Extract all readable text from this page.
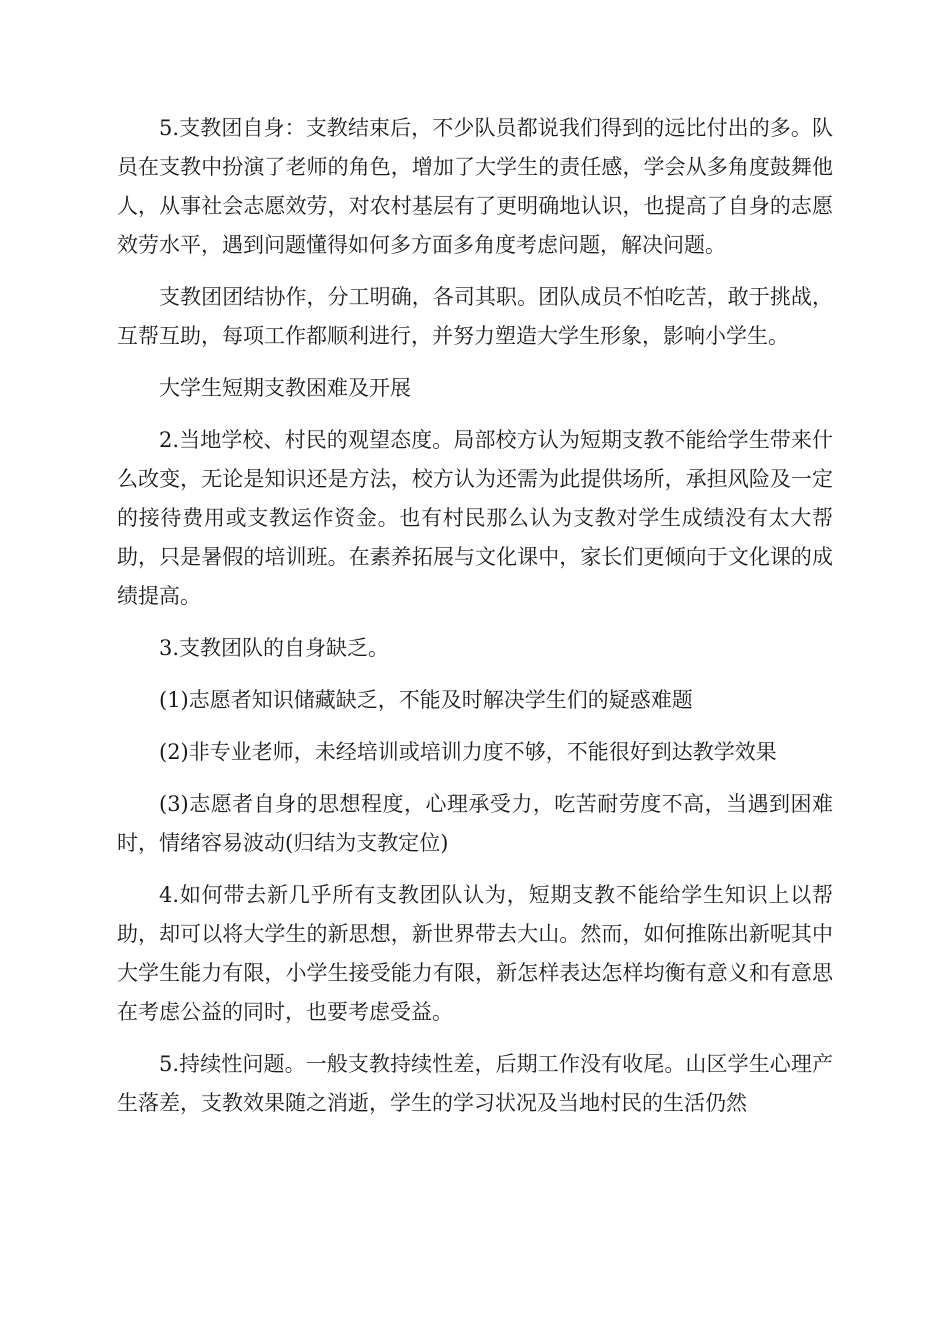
5.支教团自身：支教结束后，不少队员都说我们得到的远比付出的多。队员在支教中扮演了老师的角色，增加了大学生的责任感，学会从多角度鼓舞他人，从事社会志愿效劳，对农村基层有了更明确地认识，也提高了自身的志愿效劳水平，遇到问题懂得如何多方面多角度考虑问题，解决问题。

支教团团结协作，分工明确，各司其职。团队成员不怕吃苦，敢于挑战，互帮互助，每项工作都顺利进行，并努力塑造大学生形象，影响小学生。

大学生短期支教困难及开展

2.当地学校、村民的观望态度。局部校方认为短期支教不能给学生带来什么改变，无论是知识还是方法，校方认为还需为此提供场所，承担风险及一定的接待费用或支教运作资金。也有村民那么认为支教对学生成绩没有太大帮助，只是暑假的培训班。在素养拓展与文化课中，家长们更倾向于文化课的成绩提高。

3.支教团队的自身缺乏。

(1)志愿者知识储藏缺乏，不能及时解决学生们的疑惑难题

(2)非专业老师，未经培训或培训力度不够，不能很好到达教学效果

(3)志愿者自身的思想程度，心理承受力，吃苦耐劳度不高，当遇到困难时，情绪容易波动(归结为支教定位)

4.如何带去新几乎所有支教团队认为，短期支教不能给学生知识上以帮助，却可以将大学生的新思想，新世界带去大山。然而，如何推陈出新呢其中大学生能力有限，小学生接受能力有限，新怎样表达怎样均衡有意义和有意思在考虑公益的同时，也要考虑受益。

5.持续性问题。一般支教持续性差，后期工作没有收尾。山区学生心理产生落差，支教效果随之消逝，学生的学习状况及当地村民的生活仍然
